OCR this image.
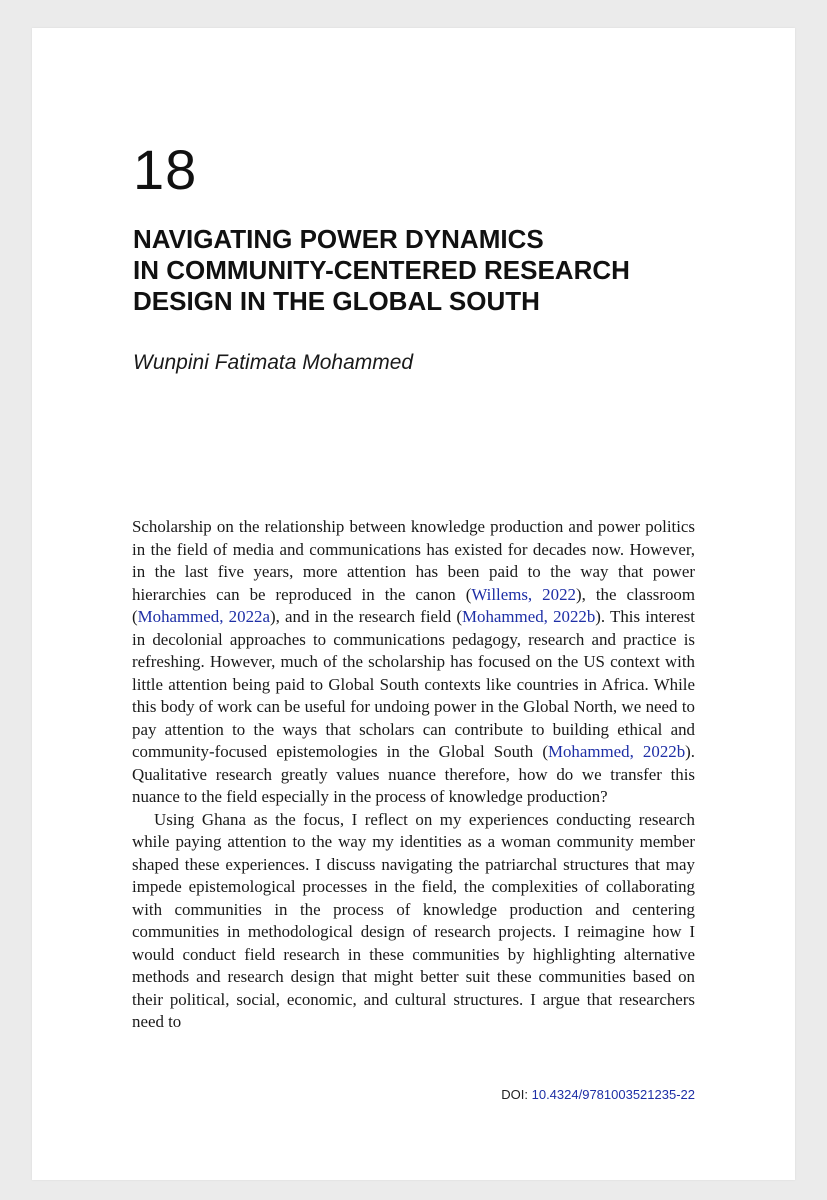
18
NAVIGATING POWER DYNAMICS
IN COMMUNITY-CENTERED RESEARCH
DESIGN IN THE GLOBAL SOUTH
Wunpini Fatimata Mohammed

Scholarship on the relationship between knowledge production and power politics in the field of media and communications has existed for decades now. However, in the last five years, more attention has been paid to the way that power hierarchies can be reproduced in the canon (Willems, 2022), the classroom (Mohammed, 2022a), and in the research field (Mohammed, 2022b). This interest in decolonial approaches to communications pedagogy, research and practice is refreshing. However, much of the scholarship has focused on the US context with little attention being paid to Global South contexts like countries in Africa. While this body of work can be useful for undoing power in the Global North, we need to pay attention to the ways that scholars can contribute to building ethical and community-focused epistemologies in the Global South (Mohammed, 2022b). Qualitative research greatly values nuance therefore, how do we transfer this nuance to the field especially in the process of knowledge production?

Using Ghana as the focus, I reflect on my experiences conducting research while paying attention to the way my identities as a woman community member shaped these experiences. I discuss navigating the patriarchal structures that may impede epistemological processes in the field, the complexities of collaborating with communities in the process of knowledge production and centering communities in methodological design of research projects. I reimagine how I would conduct field research in these communities by highlighting alternative methods and research design that might better suit these communities based on their political, social, economic, and cultural structures. I argue that researchers need to

DOI: 10.4324/9781003521235-22
